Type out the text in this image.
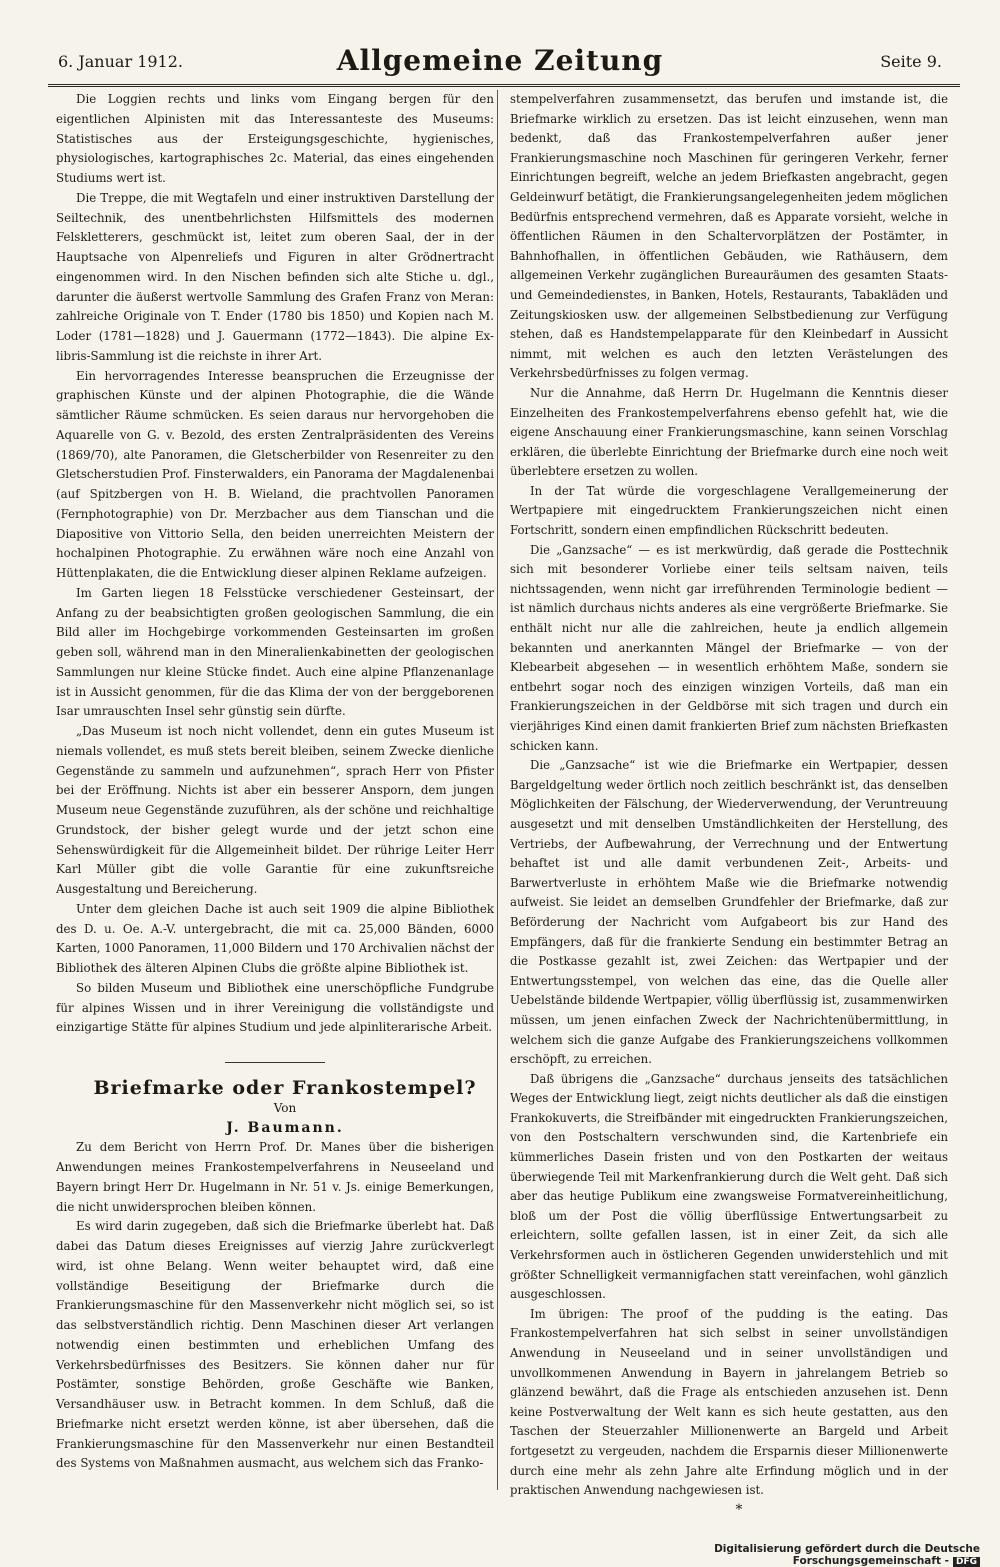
6. Januar 1912.	Allgemeine Zeitung	Seite 9.

Die Loggien rechts und links vom Eingang bergen für den eigentlichen Alpinisten mit das Interessanteste des Museums: Statistisches aus der Ersteigungsgeschichte, hygienisches, physiologisches, kartographisches 2c. Material, das eines eingehenden Studiums wert ist.

Die Treppe, die mit Wegtafeln und einer instruktiven Darstellung der Seiltechnik, des unentbehrlichsten Hilfsmittels des modernen Felskletterers, geschmückt ist, leitet zum oberen Saal, der in der Hauptsache von Alpenreliefs und Figuren in alter Grödnertracht eingenommen wird. In den Nischen befinden sich alte Stiche u. dgl., darunter die äußerst wertvolle Sammlung des Grafen Franz von Meran: zahlreiche Originale von T. Ender (1780 bis 1850) und Kopien nach M. Loder (1781—1828) und J. Gauermann (1772—1843). Die alpine Ex-libris-Sammlung ist die reichste in ihrer Art.

Ein hervorragendes Interesse beanspruchen die Erzeugnisse der graphischen Künste und der alpinen Photographie, die die Wände sämtlicher Räume schmücken. Es seien daraus nur hervorgehoben die Aquarelle von G. v. Bezold, des ersten Zentralpräsidenten des Vereins (1869/70), alte Panoramen, die Gletscherbilder von Resenreiter zu den Gletscherstudien Prof. Finsterwalders, ein Panorama der Magdalenenbai (auf Spitzbergen von H. B. Wieland, die prachtvollen Panoramen (Fernphotographie) von Dr. Merzbacher aus dem Tianschan und die Diapositive von Vittorio Sella, den beiden unerreichten Meistern der hochalpinen Photographie. Zu erwähnen wäre noch eine Anzahl von Hüttenplakaten, die die Entwicklung dieser alpinen Reklame aufzeigen.

Im Garten liegen 18 Felsstücke verschiedener Gesteinsart, der Anfang zu der beabsichtigten großen geologischen Sammlung, die ein Bild aller im Hochgebirge vorkommenden Gesteinsarten im großen geben soll, während man in den Mineralienkabinetten der geologischen Sammlungen nur kleine Stücke findet. Auch eine alpine Pflanzenanlage ist in Aussicht genommen, für die das Klima der von der berggeborenen Isar umrauschten Insel sehr günstig sein dürfte.

„Das Museum ist noch nicht vollendet, denn ein gutes Museum ist niemals vollendet, es muß stets bereit bleiben, seinem Zwecke dienliche Gegenstände zu sammeln und aufzunehmen“, sprach Herr von Pfister bei der Eröffnung. Nichts ist aber ein besserer Ansporn, dem jungen Museum neue Gegenstände zuzuführen, als der schöne und reichhaltige Grundstock, der bisher gelegt wurde und der jetzt schon eine Sehenswürdigkeit für die Allgemeinheit bildet. Der rührige Leiter Herr Karl Müller gibt die volle Garantie für eine zukunftsreiche Ausgestaltung und Bereicherung.

Unter dem gleichen Dache ist auch seit 1909 die alpine Bibliothek des D. u. Oe. A.-V. untergebracht, die mit ca. 25,000 Bänden, 6000 Karten, 1000 Panoramen, 11,000 Bildern und 170 Archivalien nächst der Bibliothek des älteren Alpinen Clubs die größte alpine Bibliothek ist.

So bilden Museum und Bibliothek eine unerschöpfliche Fundgrube für alpines Wissen und in ihrer Vereinigung die vollständigste und einzigartige Stätte für alpines Studium und jede alpinliterarische Arbeit.

Briefmarke oder Frankostempel?

Von

J. Baumann.

Zu dem Bericht von Herrn Prof. Dr. Manes über die bisherigen Anwendungen meines Frankostempelverfahrens in Neuseeland und Bayern bringt Herr Dr. Hugelmann in Nr. 51 v. Js. einige Bemerkungen, die nicht unwidersprochen bleiben können.

Es wird darin zugegeben, daß sich die Briefmarke überlebt hat. Daß dabei das Datum dieses Ereignisses auf vierzig Jahre zurückverlegt wird, ist ohne Belang. Wenn weiter behauptet wird, daß eine vollständige Beseitigung der Briefmarke durch die Frankierungsmaschine für den Massenverkehr nicht möglich sei, so ist das selbstverständlich richtig. Denn Maschinen dieser Art verlangen notwendig einen bestimmten und erheblichen Umfang des Verkehrsbedürfnisses des Besitzers. Sie können daher nur für Postämter, sonstige Behörden, große Geschäfte wie Banken, Versandhäuser usw. in Betracht kommen. In dem Schluß, daß die Briefmarke nicht ersetzt werden könne, ist aber übersehen, daß die Frankierungsmaschine für den Massenverkehr nur einen Bestandteil des Systems von Maßnahmen ausmacht, aus welchem sich das Franko-

stempelverfahren zusammensetzt, das berufen und imstande ist, die Briefmarke wirklich zu ersetzen. Das ist leicht einzusehen, wenn man bedenkt, daß das Frankostempelverfahren außer jener Frankierungsmaschine noch Maschinen für geringeren Verkehr, ferner Einrichtungen begreift, welche an jedem Briefkasten angebracht, gegen Geldeinwurf betätigt, die Frankierungsangelegenheiten jedem möglichen Bedürfnis entsprechend vermehren, daß es Apparate vorsieht, welche in öffentlichen Räumen in den Schaltervorplätzen der Postämter, in Bahnhofhallen, in öffentlichen Gebäuden, wie Rathäusern, dem allgemeinen Verkehr zugänglichen Bureauräumen des gesamten Staats- und Gemeindedienstes, in Banken, Hotels, Restaurants, Tabakläden und Zeitungskiosken usw. der allgemeinen Selbstbedienung zur Verfügung stehen, daß es Handstempelapparate für den Kleinbedarf in Aussicht nimmt, mit welchen es auch den letzten Verästelungen des Verkehrsbedürfnisses zu folgen vermag.

Nur die Annahme, daß Herrn Dr. Hugelmann die Kenntnis dieser Einzelheiten des Frankostempelverfahrens ebenso gefehlt hat, wie die eigene Anschauung einer Frankierungsmaschine, kann seinen Vorschlag erklären, die überlebte Einrichtung der Briefmarke durch eine noch weit überlebtere ersetzen zu wollen.

In der Tat würde die vorgeschlagene Verallgemeinerung der Wertpapiere mit eingedrucktem Frankierungszeichen nicht einen Fortschritt, sondern einen empfindlichen Rückschritt bedeuten.

Die „Ganzsache“ — es ist merkwürdig, daß gerade die Posttechnik sich mit besonderer Vorliebe einer teils seltsam naiven, teils nichtssagenden, wenn nicht gar irreführenden Terminologie bedient — ist nämlich durchaus nichts anderes als eine vergrößerte Briefmarke. Sie enthält nicht nur alle die zahlreichen, heute ja endlich allgemein bekannten und anerkannten Mängel der Briefmarke — von der Klebearbeit abgesehen — in wesentlich erhöhtem Maße, sondern sie entbehrt sogar noch des einzigen winzigen Vorteils, daß man ein Frankierungszeichen in der Geldbörse mit sich tragen und durch ein vierjähriges Kind einen damit frankierten Brief zum nächsten Briefkasten schicken kann.

Die „Ganzsache“ ist wie die Briefmarke ein Wertpapier, dessen Bargeldgeltung weder örtlich noch zeitlich beschränkt ist, das denselben Möglichkeiten der Fälschung, der Wiederverwendung, der Veruntreuung ausgesetzt und mit denselben Umständlichkeiten der Herstellung, des Vertriebs, der Aufbewahrung, der Verrechnung und der Entwertung behaftet ist und alle damit verbundenen Zeit-, Arbeits- und Barwertverluste in erhöhtem Maße wie die Briefmarke notwendig aufweist. Sie leidet an demselben Grundfehler der Briefmarke, daß zur Beförderung der Nachricht vom Aufgabeort bis zur Hand des Empfängers, daß für die frankierte Sendung ein bestimmter Betrag an die Postkasse gezahlt ist, zwei Zeichen: das Wertpapier und der Entwertungsstempel, von welchen das eine, das die Quelle aller Uebelstände bildende Wertpapier, völlig überflüssig ist, zusammenwirken müssen, um jenen einfachen Zweck der Nachrichtenübermittlung, in welchem sich die ganze Aufgabe des Frankierungszeichens vollkommen erschöpft, zu erreichen.

Daß übrigens die „Ganzsache“ durchaus jenseits des tatsächlichen Weges der Entwicklung liegt, zeigt nichts deutlicher als daß die einstigen Frankokuverts, die Streifbänder mit eingedruckten Frankierungszeichen, von den Postschaltern verschwunden sind, die Kartenbriefe ein kümmerliches Dasein fristen und von den Postkarten der weitaus überwiegende Teil mit Markenfrankierung durch die Welt geht. Daß sich aber das heutige Publikum eine zwangsweise Formatvereinheitlichung, bloß um der Post die völlig überflüssige Entwertungsarbeit zu erleichtern, sollte gefallen lassen, ist in einer Zeit, da sich alle Verkehrsformen auch in östlicheren Gegenden unwiderstehlich und mit größter Schnelligkeit vermannigfachen statt vereinfachen, wohl gänzlich ausgeschlossen.

Im übrigen: The proof of the pudding is the eating. Das Frankostempelverfahren hat sich selbst in seiner unvollständigen Anwendung in Neuseeland und in seiner unvollständigen und unvollkommenen Anwendung in Bayern in jahrelangem Betrieb so glänzend bewährt, daß die Frage als entschieden anzusehen ist. Denn keine Postverwaltung der Welt kann es sich heute gestatten, aus den Taschen der Steuerzahler Millionenwerte an Bargeld und Arbeit fortgesetzt zu vergeuden, nachdem die Ersparnis dieser Millionenwerte durch eine mehr als zehn Jahre alte Erfindung möglich und in der praktischen Anwendung nachgewiesen ist.

*

Digitalisierung gefördert durch die Deutsche Forschungsgemeinschaft - DFG
